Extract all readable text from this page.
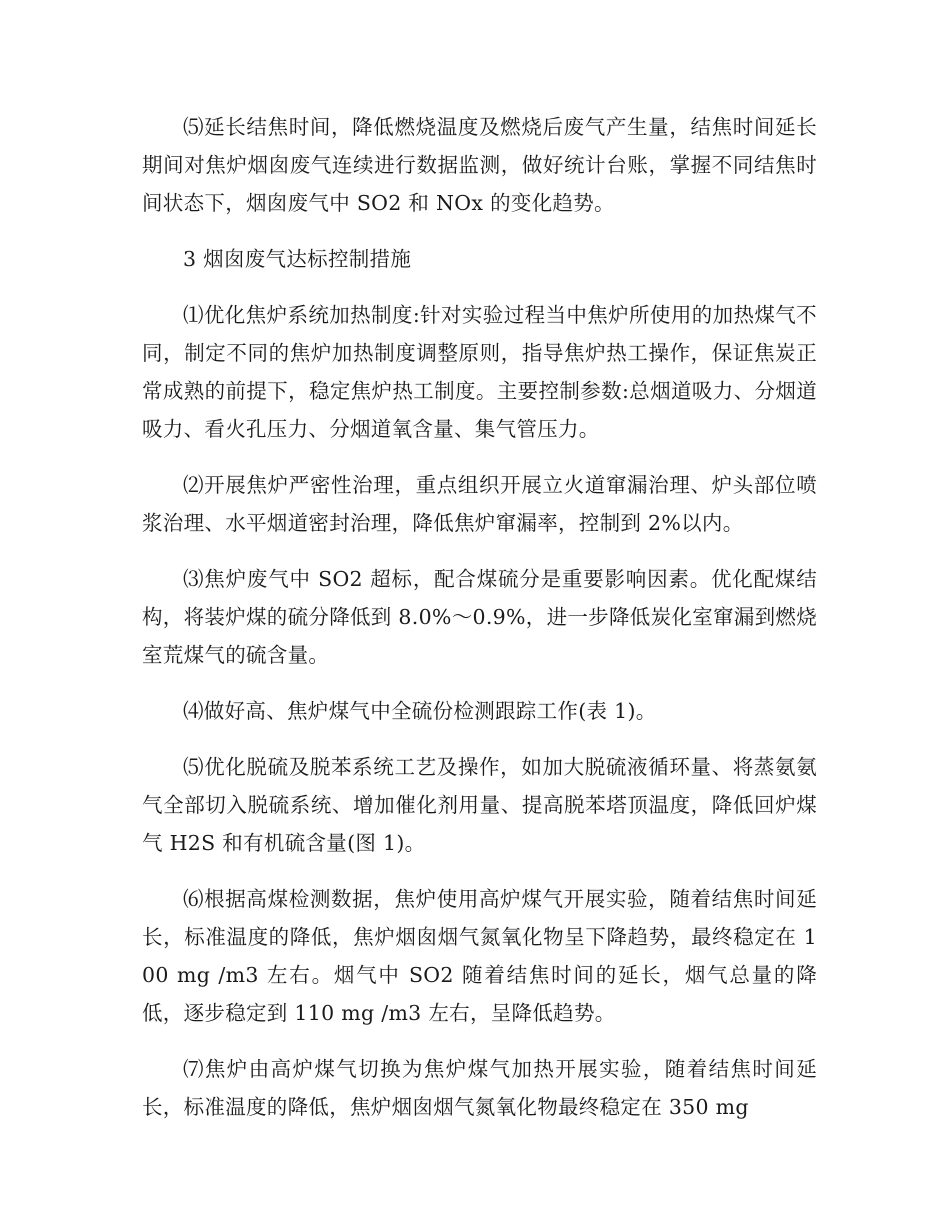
⑸延长结焦时间，降低燃烧温度及燃烧后废气产生量，结焦时间延长期间对焦炉烟囱废气连续进行数据监测，做好统计台账，掌握不同结焦时间状态下，烟囱废气中 SO2 和 NOx 的变化趋势。

3 烟囱废气达标控制措施

⑴优化焦炉系统加热制度:针对实验过程当中焦炉所使用的加热煤气不同，制定不同的焦炉加热制度调整原则，指导焦炉热工操作，保证焦炭正常成熟的前提下，稳定焦炉热工制度。主要控制参数:总烟道吸力、分烟道吸力、看火孔压力、分烟道氧含量、集气管压力。

⑵开展焦炉严密性治理，重点组织开展立火道窜漏治理、炉头部位喷浆治理、水平烟道密封治理，降低焦炉窜漏率，控制到 2%以内。

⑶焦炉废气中 SO2 超标，配合煤硫分是重要影响因素。优化配煤结构，将装炉煤的硫分降低到 8.0%～0.9%，进一步降低炭化室窜漏到燃烧室荒煤气的硫含量。

⑷做好高、焦炉煤气中全硫份检测跟踪工作(表 1)。

⑸优化脱硫及脱苯系统工艺及操作，如加大脱硫液循环量、将蒸氨氨气全部切入脱硫系统、增加催化剂用量、提高脱苯塔顶温度，降低回炉煤气 H2S 和有机硫含量(图 1)。

⑹根据高煤检测数据，焦炉使用高炉煤气开展实验，随着结焦时间延长，标准温度的降低，焦炉烟囱烟气氮氧化物呈下降趋势，最终稳定在 100 mg /m3 左右。烟气中 SO2 随着结焦时间的延长，烟气总量的降低，逐步稳定到 110 mg /m3 左右，呈降低趋势。

⑺焦炉由高炉煤气切换为焦炉煤气加热开展实验，随着结焦时间延长，标准温度的降低，焦炉烟囱烟气氮氧化物最终稳定在 350 mg
